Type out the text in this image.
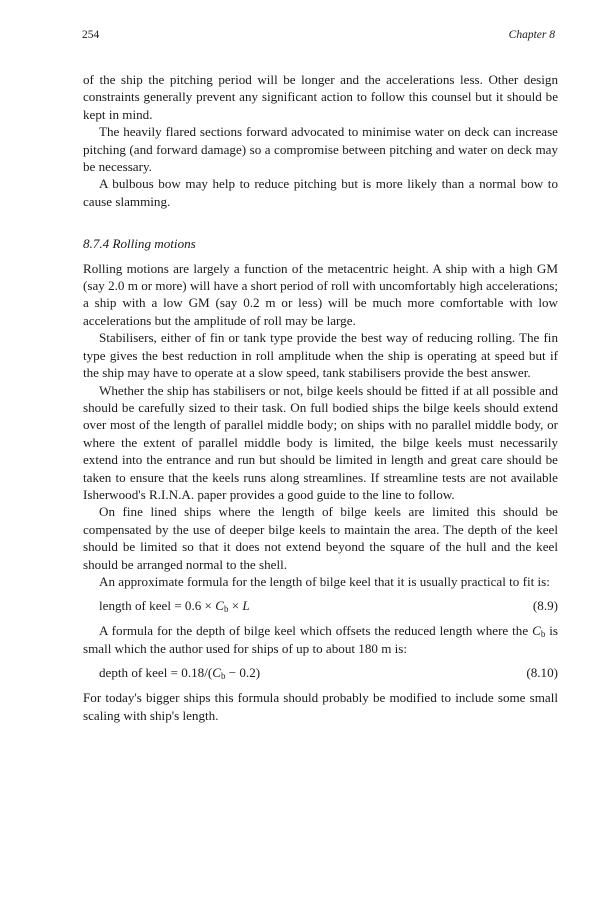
254	Chapter 8

of the ship the pitching period will be longer and the accelerations less. Other design constraints generally prevent any significant action to follow this counsel but it should be kept in mind.

The heavily flared sections forward advocated to minimise water on deck can increase pitching (and forward damage) so a compromise between pitching and water on deck may be necessary.

A bulbous bow may help to reduce pitching but is more likely than a normal bow to cause slamming.

8.7.4 Rolling motions

Rolling motions are largely a function of the metacentric height. A ship with a high GM (say 2.0 m or more) will have a short period of roll with uncomfortably high accelerations; a ship with a low GM (say 0.2 m or less) will be much more comfortable with low accelerations but the amplitude of roll may be large.

Stabilisers, either of fin or tank type provide the best way of reducing rolling. The fin type gives the best reduction in roll amplitude when the ship is operating at speed but if the ship may have to operate at a slow speed, tank stabilisers provide the best answer.

Whether the ship has stabilisers or not, bilge keels should be fitted if at all possible and should be carefully sized to their task. On full bodied ships the bilge keels should extend over most of the length of parallel middle body; on ships with no parallel middle body, or where the extent of parallel middle body is limited, the bilge keels must necessarily extend into the entrance and run but should be limited in length and great care should be taken to ensure that the keels runs along streamlines. If streamline tests are not available Isherwood's R.I.N.A. paper provides a good guide to the line to follow.

On fine lined ships where the length of bilge keels are limited this should be compensated by the use of deeper bilge keels to maintain the area. The depth of the keel should be limited so that it does not extend beyond the square of the hull and the keel should be arranged normal to the shell.

An approximate formula for the length of bilge keel that it is usually practical to fit is:

length of keel = $0.6 \times C_b \times L$	(8.9)

A formula for the depth of bilge keel which offsets the reduced length where the $C_b$ is small which the author used for ships of up to about 180 m is:

depth of keel = $0.18/(C_b - 0.2)$	(8.10)

For today's bigger ships this formula should probably be modified to include some small scaling with ship's length.
